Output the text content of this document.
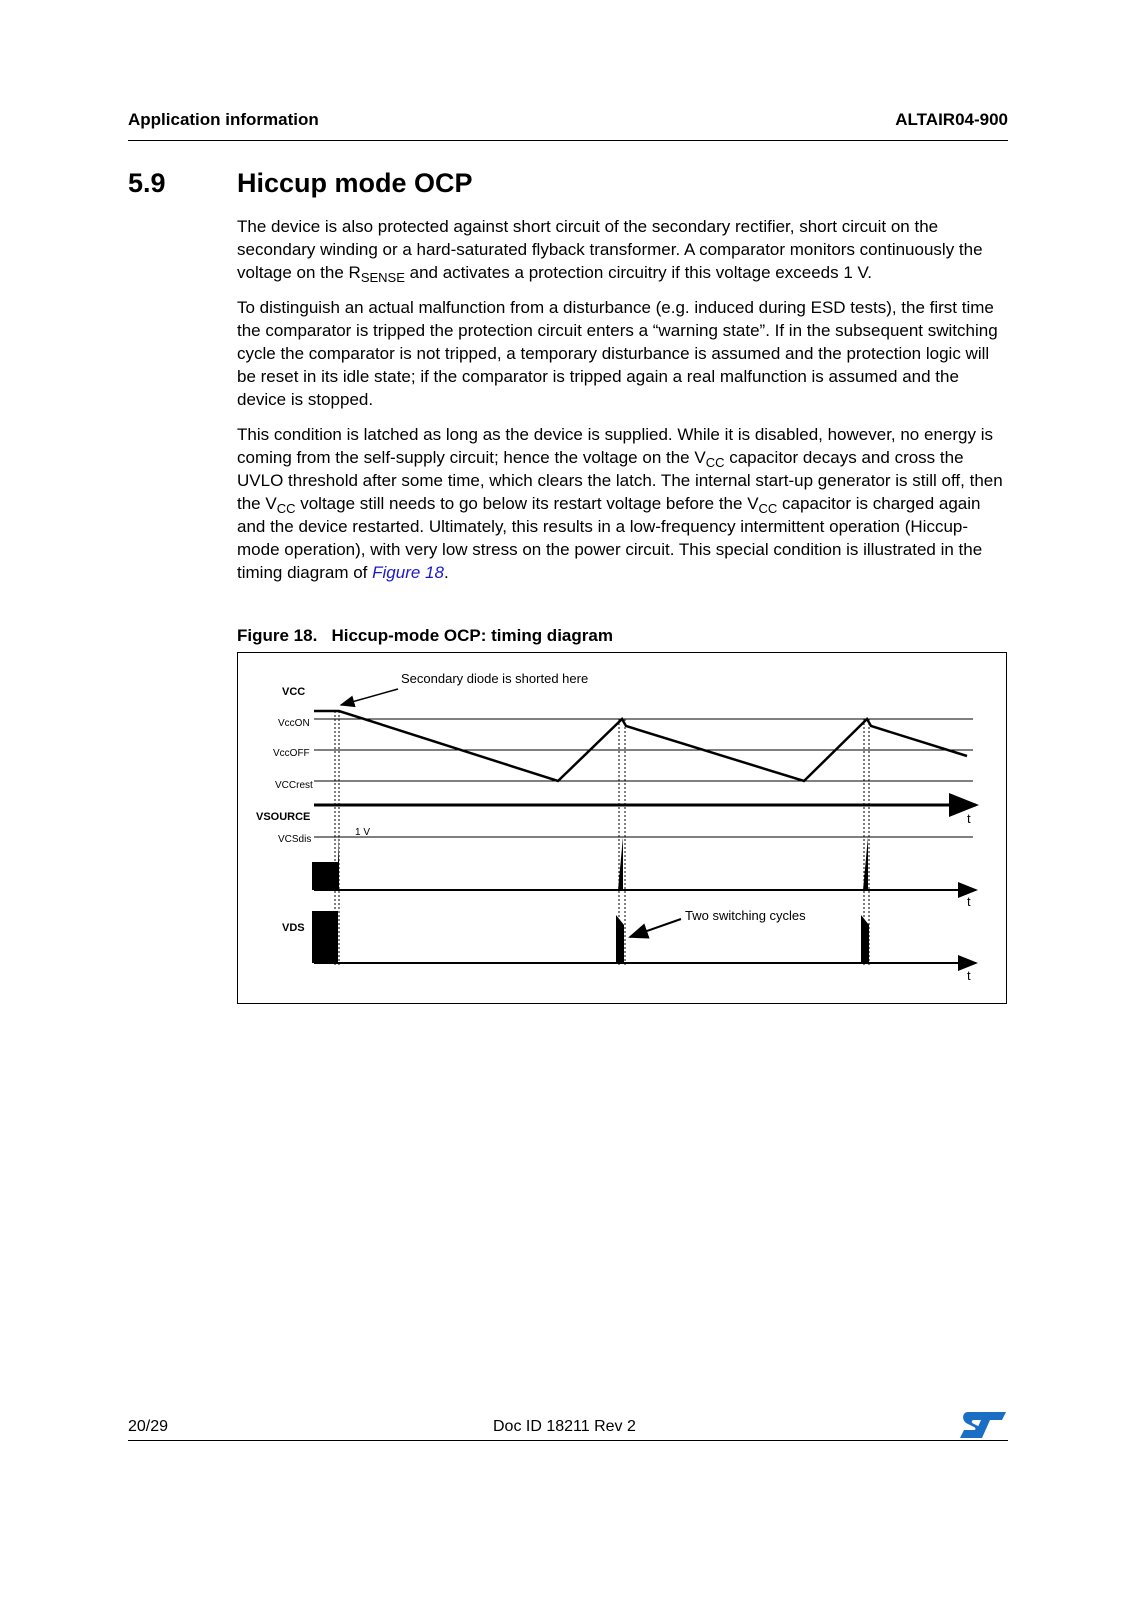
Application information	ALTAIR04-900
5.9	Hiccup mode OCP

The device is also protected against short circuit of the secondary rectifier, short circuit on the secondary winding or a hard-saturated flyback transformer. A comparator monitors continuously the voltage on the $R_{SENSE}$ and activates a protection circuitry if this voltage exceeds 1 V.

To distinguish an actual malfunction from a disturbance (e.g. induced during ESD tests), the first time the comparator is tripped the protection circuit enters a “warning state”. If in the subsequent switching cycle the comparator is not tripped, a temporary disturbance is assumed and the protection logic will be reset in its idle state; if the comparator is tripped again a real malfunction is assumed and the device is stopped.

This condition is latched as long as the device is supplied. While it is disabled, however, no energy is coming from the self-supply circuit; hence the voltage on the $V_{CC}$ capacitor decays and cross the UVLO threshold after some time, which clears the latch. The internal start-up generator is still off, then the $V_{CC}$ voltage still needs to go below its restart voltage before the $V_{CC}$ capacitor is charged again and the device restarted. Ultimately, this results in a low-frequency intermittent operation (Hiccup-mode operation), with very low stress on the power circuit. This special condition is illustrated in the timing diagram of Figure 18.

Figure 18.   Hiccup-mode OCP: timing diagram
VCC
VccON
VccOFF
VCCrest
VSOURCE
VCSdis
VDS
1 V
t
t
t
Secondary diode is shorted here
Two switching cycles
20/29	Doc ID 18211 Rev 2
